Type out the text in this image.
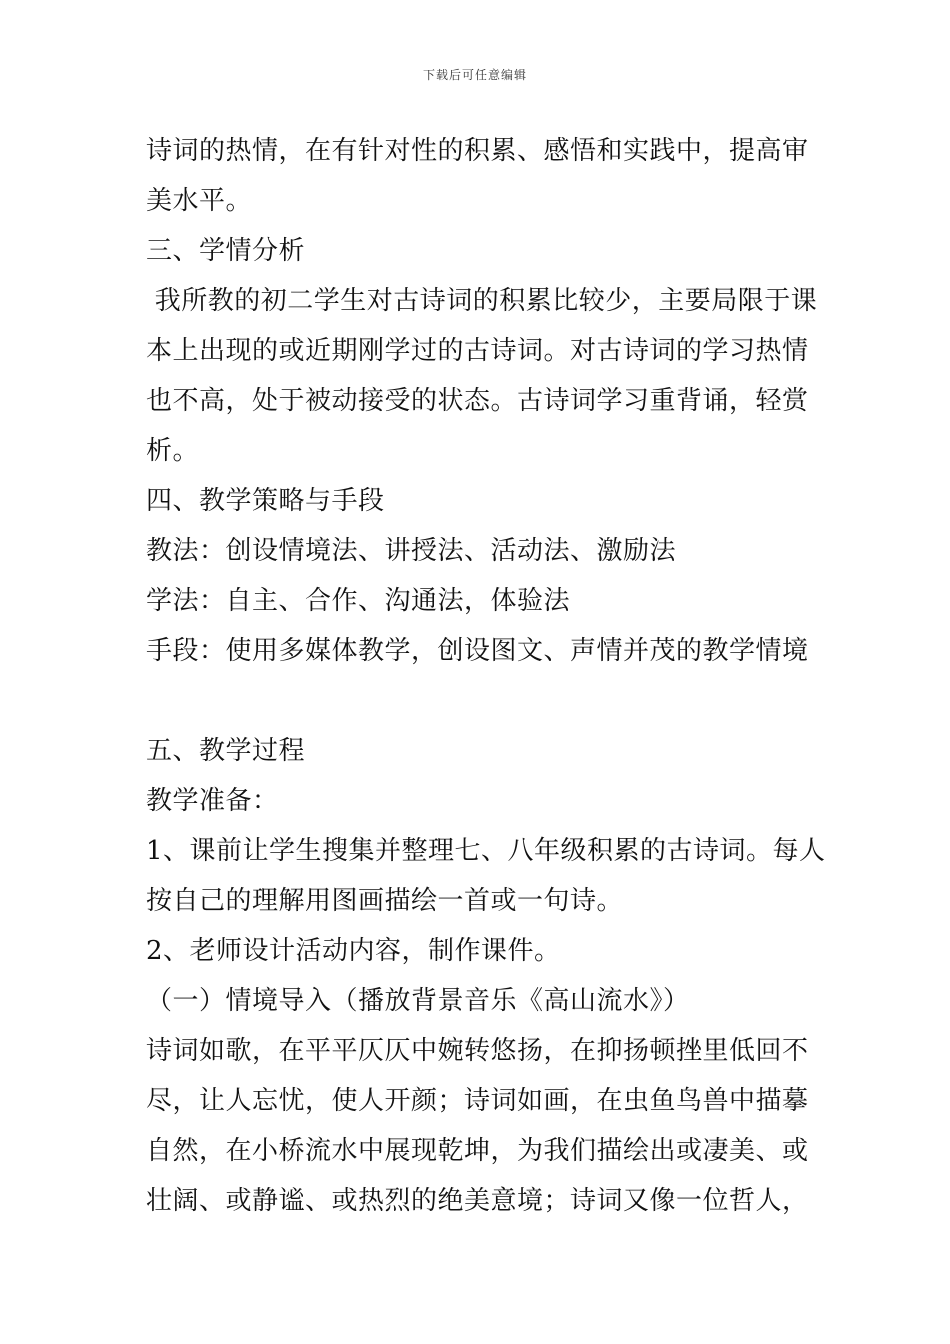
下载后可任意编辑
诗词的热情，在有针对性的积累、感悟和实践中，提高审
美水平。
三、学情分析
我所教的初二学生对古诗词的积累比较少，主要局限于课
本上出现的或近期刚学过的古诗词。对古诗词的学习热情
也不高，处于被动接受的状态。古诗词学习重背诵，轻赏
析。
四、教学策略与手段
教法：创设情境法、讲授法、活动法、激励法
学法：自主、合作、沟通法，体验法
手段：使用多媒体教学，创设图文、声情并茂的教学情境
五、教学过程
教学准备：
1、课前让学生搜集并整理七、八年级积累的古诗词。每人
按自己的理解用图画描绘一首或一句诗。
2、老师设计活动内容，制作课件。
（一）情境导入（播放背景音乐《高山流水》）
诗词如歌，在平平仄仄中婉转悠扬，在抑扬顿挫里低回不
尽，让人忘忧，使人开颜；诗词如画，在虫鱼鸟兽中描摹
自然，在小桥流水中展现乾坤，为我们描绘出或凄美、或
壮阔、或静谧、或热烈的绝美意境；诗词又像一位哲人，
